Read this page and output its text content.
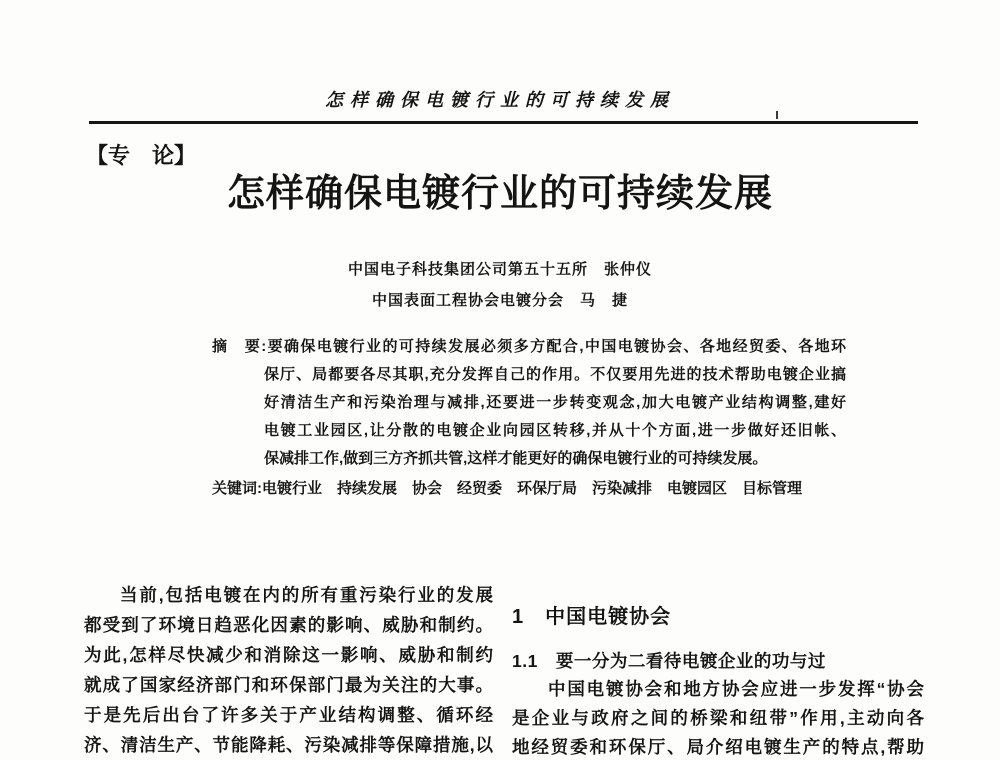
怎样确保电镀行业的可持续发展
【专　论】
怎样确保电镀行业的可持续发展
中国电子科技集团公司第五十五所　张仲仪
中国表面工程协会电镀分会　马　捷
摘　要:要确保电镀行业的可持续发展必须多方配合,中国电镀协会、各地经贸委、各地环
保厅、局都要各尽其职,充分发挥自己的作用。不仅要用先进的技术帮助电镀企业搞
好清洁生产和污染治理与减排,还要进一步转变观念,加大电镀产业结构调整,建好
电镀工业园区,让分散的电镀企业向园区转移,并从十个方面,进一步做好还旧帐、
保减排工作,做到三方齐抓共管,这样才能更好的确保电镀行业的可持续发展。
关键词:电镀行业　持续发展　协会　经贸委　环保厅局　污染减排　电镀园区　目标管理
当前,包括电镀在内的所有重污染行业的发展
都受到了环境日趋恶化因素的影响、威胁和制约。
为此,怎样尽快减少和消除这一影响、威胁和制约
就成了国家经济部门和环保部门最为关注的大事。
于是先后出台了许多关于产业结构调整、循环经
济、清洁生产、节能降耗、污染减排等保障措施,以
1　中国电镀协会
1.1　要一分为二看待电镀企业的功与过
中国电镀协会和地方协会应进一步发挥“协会
是企业与政府之间的桥梁和纽带”作用,主动向各
地经贸委和环保厅、局介绍电镀生产的特点,帮助
